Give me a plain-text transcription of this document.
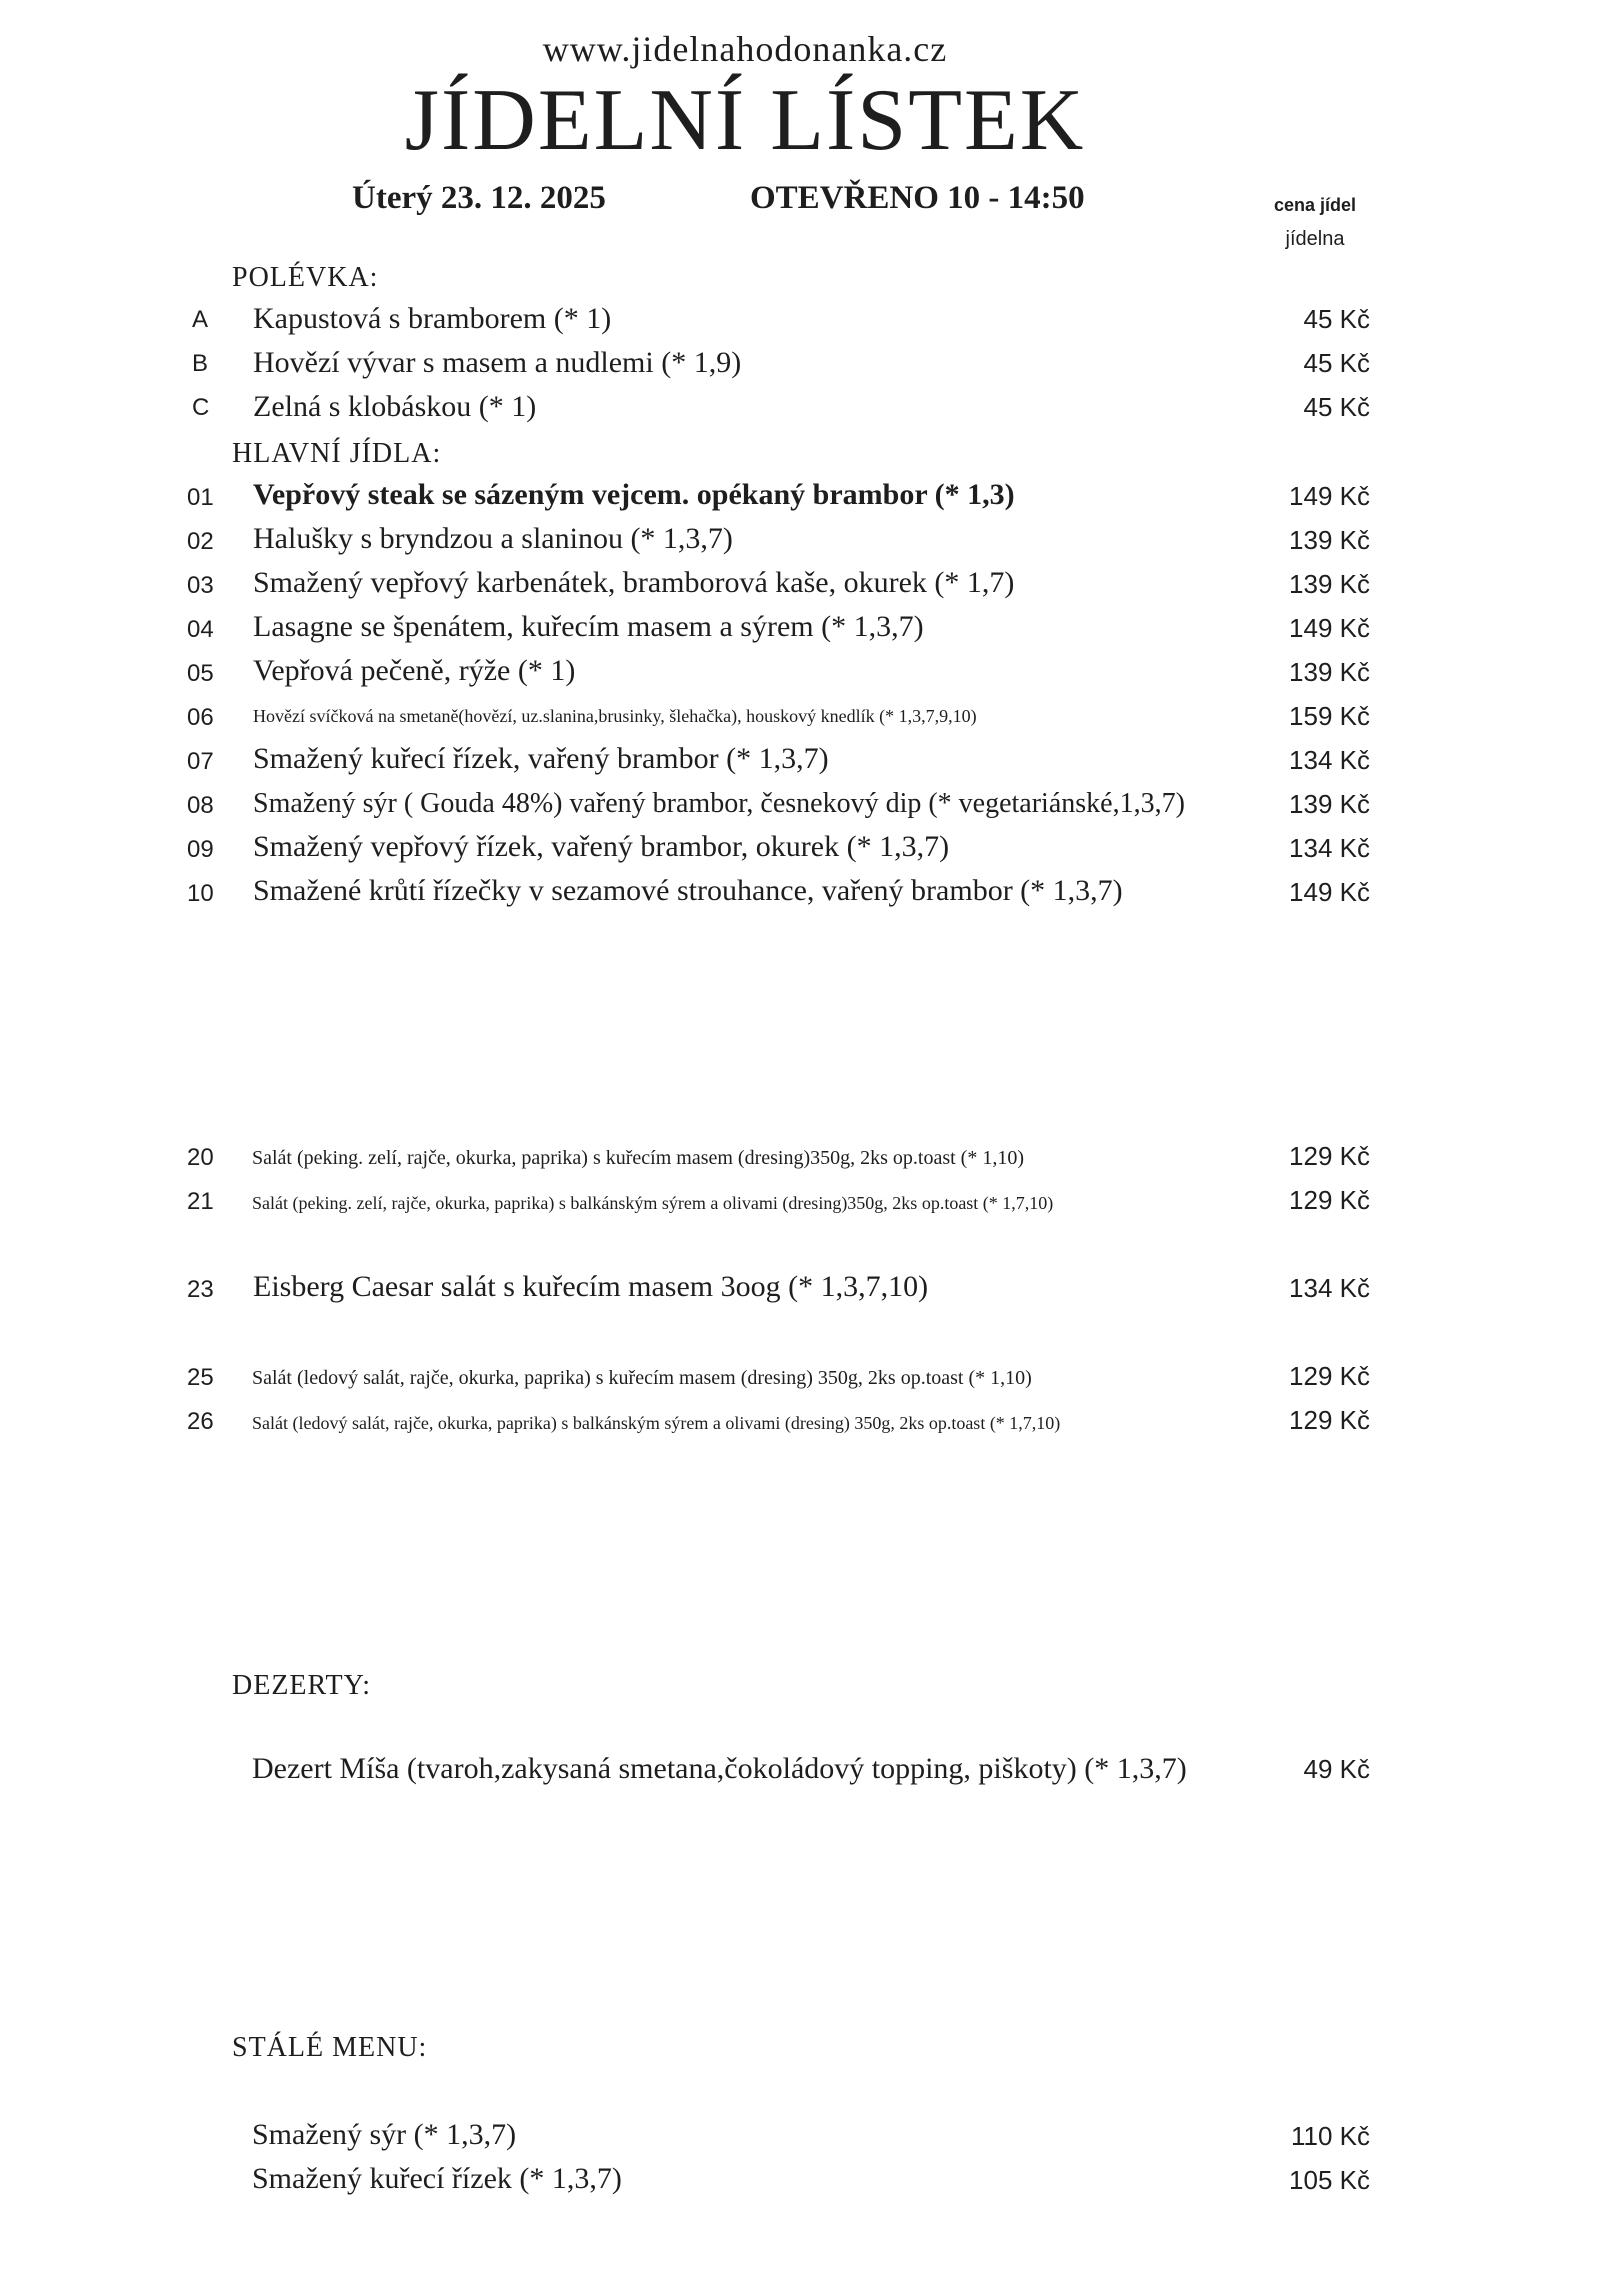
www.jidelnahodonanka.cz
JÍDELNÍ LÍSTEK
Úterý 23. 12. 2025	OTEVŘENO 10 - 14:50	cena jídel
jídelna
POLÉVKA:
A	Kapustová s bramborem (* 1)	45 Kč
B	Hovězí vývar s masem a nudlemi (* 1,9)	45 Kč
C	Zelná s klobáskou (* 1)	45 Kč
HLAVNÍ JÍDLA:
01	Vepřový steak se sázeným vejcem. opékaný brambor (* 1,3)	149 Kč
02	Halušky s bryndzou a slaninou (* 1,3,7)	139 Kč
03	Smažený vepřový karbenátek, bramborová kaše, okurek (* 1,7)	139 Kč
04	Lasagne se špenátem, kuřecím masem a sýrem (* 1,3,7)	149 Kč
05	Vepřová pečeně, rýže (* 1)	139 Kč
06	Hovězí svíčková na smetaně(hovězí, uz.slanina,brusinky, šlehačka), houskový knedlík (* 1,3,7,9,10)	159 Kč
07	Smažený kuřecí řízek, vařený brambor (* 1,3,7)	134 Kč
08	Smažený sýr ( Gouda 48%) vařený brambor, česnekový dip (* vegetariánské,1,3,7)	139 Kč
09	Smažený vepřový řízek, vařený brambor, okurek (* 1,3,7)	134 Kč
10	Smažené krůtí řízečky v sezamové strouhance, vařený brambor (* 1,3,7)	149 Kč
20	Salát (peking. zelí, rajče, okurka, paprika) s kuřecím masem (dresing)350g, 2ks op.toast (* 1,10)	129 Kč
21	Salát (peking. zelí, rajče, okurka, paprika) s balkánským sýrem a olivami (dresing)350g, 2ks op.toast (* 1,7,10)	129 Kč
23	Eisberg Caesar salát s kuřecím masem 3oog (* 1,3,7,10)	134 Kč
25	Salát (ledový salát, rajče, okurka, paprika) s kuřecím masem (dresing) 350g, 2ks op.toast (* 1,10)	129 Kč
26	Salát (ledový salát, rajče, okurka, paprika) s balkánským sýrem a olivami (dresing) 350g, 2ks op.toast (* 1,7,10)	129 Kč
DEZERTY:
Dezert Míša (tvaroh,zakysaná smetana,čokoládový topping, piškoty) (* 1,3,7)	49 Kč
STÁLÉ MENU:
Smažený sýr (* 1,3,7)	110 Kč
Smažený kuřecí řízek (* 1,3,7)	105 Kč
